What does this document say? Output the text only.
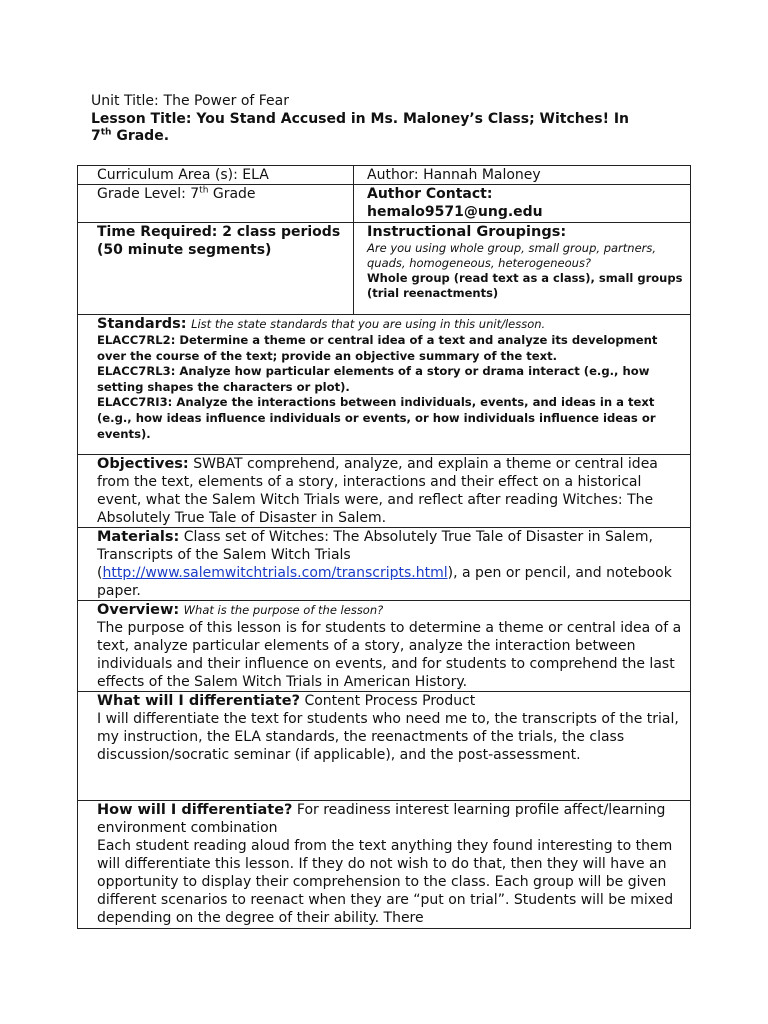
Unit Title: The Power of Fear
Lesson Title: You Stand Accused in Ms. Maloney’s Class; Witches! In
7th Grade.
Curriculum Area (s): ELA	Author: Hannah Maloney
Grade Level: 7th Grade	Author Contact:
hemalo9571@ung.edu

Time Required: 2 class periods (50 minute segments)	Instructional Groupings:
Are you using whole group, small group, partners,
quads, homogeneous, heterogeneous?
Whole group (read text as a class), small groups (trial reenactments)

Standards: List the state standards that you are using in this unit/lesson.
ELACC7RL2: Determine a theme or central idea of a text and analyze its development over the course of the text; provide an objective summary of the text.
ELACC7RL3: Analyze how particular elements of a story or drama interact (e.g., how setting shapes the characters or plot).
ELACC7RI3: Analyze the interactions between individuals, events, and ideas in a text (e.g., how ideas influence individuals or events, or how individuals influence ideas or events).	

Objectives: SWBAT comprehend, analyze, and explain a theme or central idea from the text, elements of a story, interactions and their effect on a historical event, what the Salem Witch Trials were, and reflect after reading Witches: The Absolutely True Tale of Disaster in Salem.	
Materials: Class set of Witches: The Absolutely True Tale of Disaster in Salem, Transcripts of the Salem Witch Trials (http://www.salemwitchtrials.com/transcripts.html), a pen or pencil, and notebook paper.	

Overview: What is the purpose of the lesson?
The purpose of this lesson is for students to determine a theme or central idea of a text, analyze particular elements of a story, analyze the interaction between individuals and their influence on events, and for students to comprehend the last effects of the Salem Witch Trials in American History.	

What will I differentiate? Content Process Product
I will differentiate the text for students who need me to, the transcripts of the trial, my instruction, the ELA standards, the reenactments of the trials, the class discussion/socratic seminar (if applicable), and the post-assessment.	

How will I differentiate? For readiness interest learning profile affect/learning environment combination
Each student reading aloud from the text anything they found interesting to them will differentiate this lesson. If they do not wish to do that, then they will have an opportunity to display their comprehension to the class. Each group will be given different scenarios to reenact when they are “put on trial”. Students will be mixed depending on the degree of their ability. There	
